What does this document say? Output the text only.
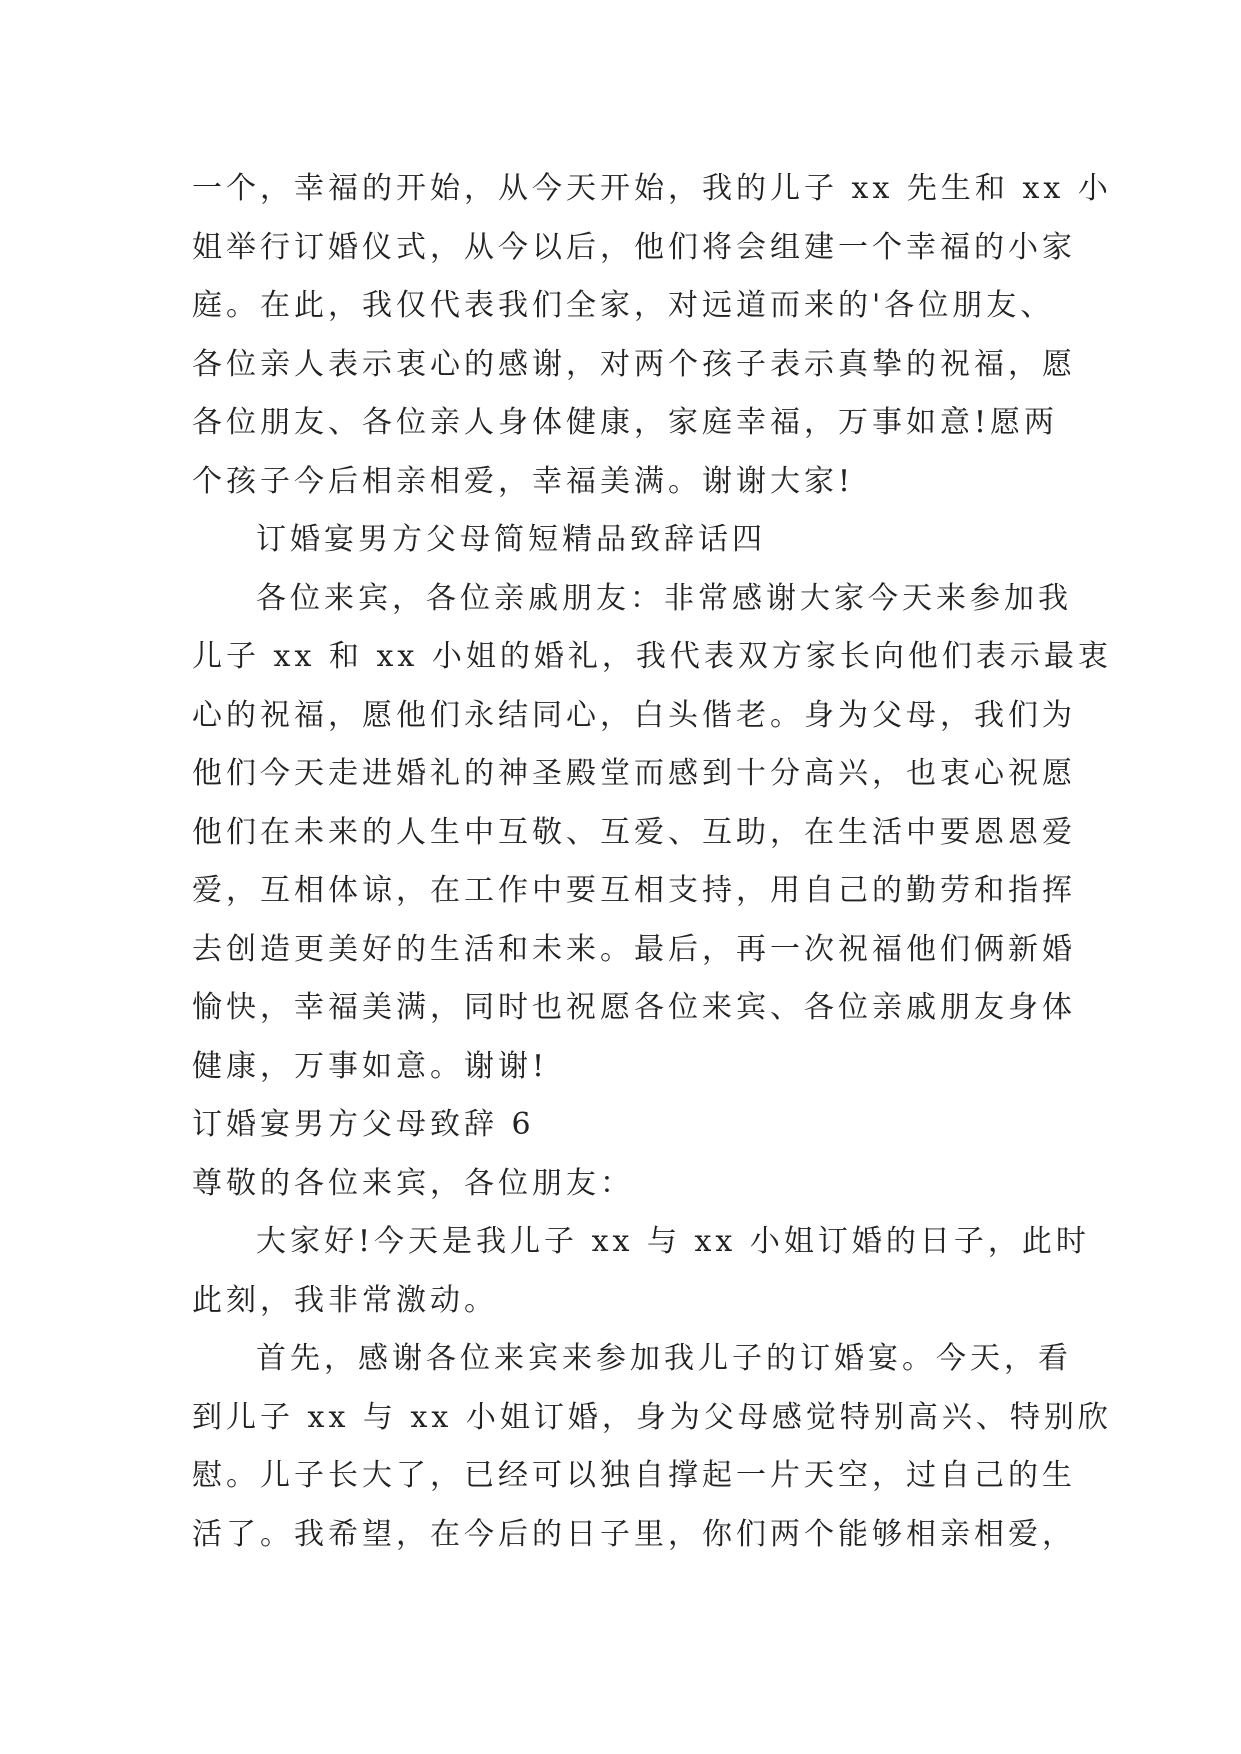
一个，幸福的开始，从今天开始，我的儿子 xx 先生和 xx 小
姐举行订婚仪式，从今以后，他们将会组建一个幸福的小家
庭。在此，我仅代表我们全家，对远道而来的'各位朋友、
各位亲人表示衷心的感谢，对两个孩子表示真挚的祝福，愿
各位朋友、各位亲人身体健康，家庭幸福，万事如意!愿两
个孩子今后相亲相爱，幸福美满。谢谢大家!
订婚宴男方父母简短精品致辞话四
各位来宾，各位亲戚朋友：非常感谢大家今天来参加我
儿子 xx 和 xx 小姐的婚礼，我代表双方家长向他们表示最衷
心的祝福，愿他们永结同心，白头偕老。身为父母，我们为
他们今天走进婚礼的神圣殿堂而感到十分高兴，也衷心祝愿
他们在未来的人生中互敬、互爱、互助，在生活中要恩恩爱
爱，互相体谅，在工作中要互相支持，用自己的勤劳和指挥
去创造更美好的生活和未来。最后，再一次祝福他们俩新婚
愉快，幸福美满，同时也祝愿各位来宾、各位亲戚朋友身体
健康，万事如意。谢谢!
订婚宴男方父母致辞 6
尊敬的各位来宾，各位朋友：
大家好!今天是我儿子 xx 与 xx 小姐订婚的日子，此时
此刻，我非常激动。
首先，感谢各位来宾来参加我儿子的订婚宴。今天，看
到儿子 xx 与 xx 小姐订婚，身为父母感觉特别高兴、特别欣
慰。儿子长大了，已经可以独自撑起一片天空，过自己的生
活了。我希望，在今后的日子里，你们两个能够相亲相爱，
